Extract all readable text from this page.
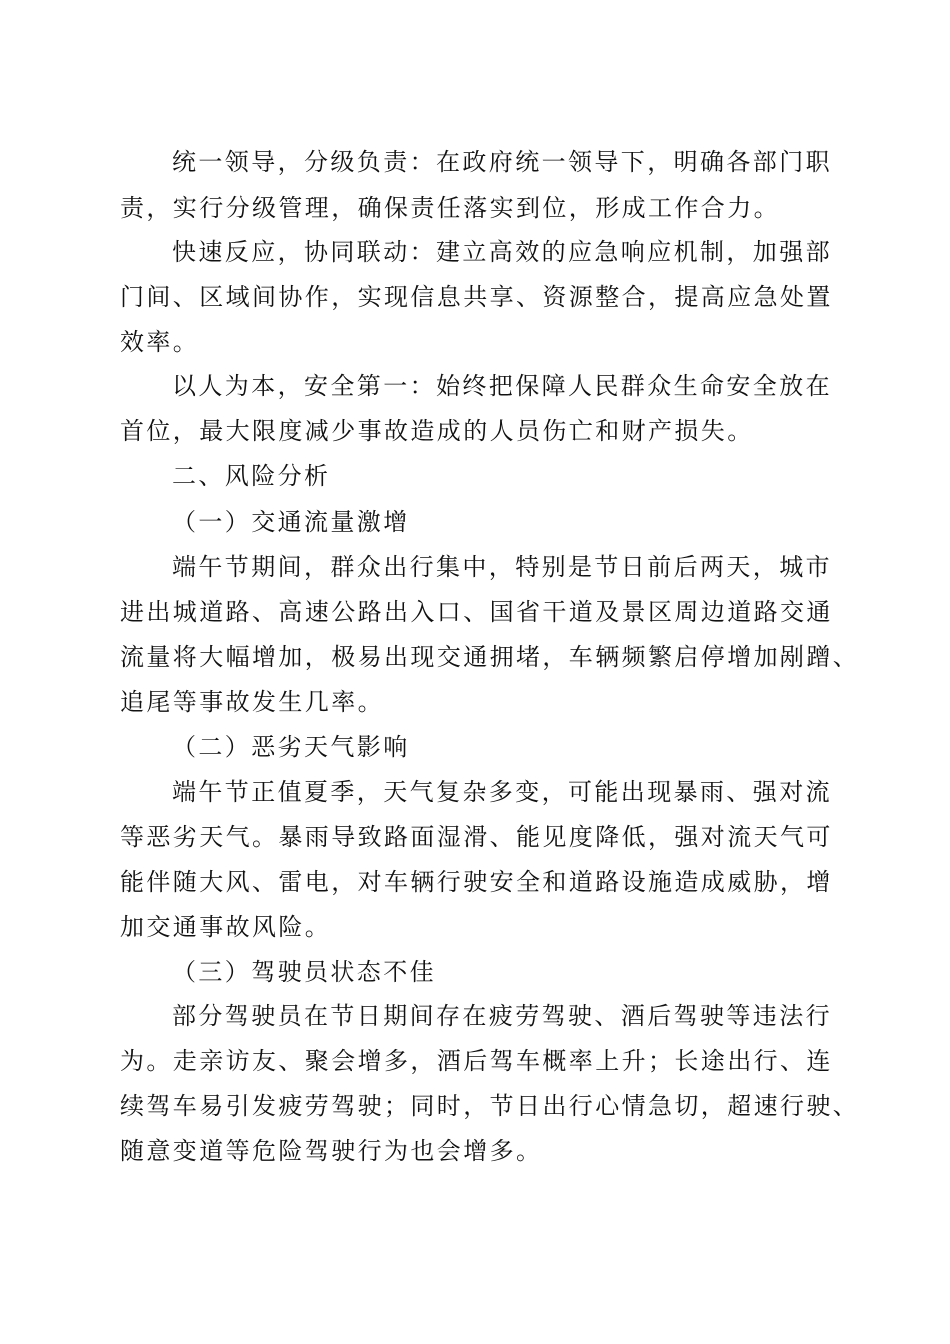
统一领导，分级负责：在政府统一领导下，明确各部门职
责，实行分级管理，确保责任落实到位，形成工作合力。
快速反应，协同联动：建立高效的应急响应机制，加强部
门间、区域间协作，实现信息共享、资源整合，提高应急处置
效率。
以人为本，安全第一：始终把保障人民群众生命安全放在
首位，最大限度减少事故造成的人员伤亡和财产损失。
二、风险分析
（一）交通流量激增
端午节期间，群众出行集中，特别是节日前后两天，城市
进出城道路、高速公路出入口、国省干道及景区周边道路交通
流量将大幅增加，极易出现交通拥堵，车辆频繁启停增加剐蹭、
追尾等事故发生几率。
（二）恶劣天气影响
端午节正值夏季，天气复杂多变，可能出现暴雨、强对流
等恶劣天气。暴雨导致路面湿滑、能见度降低，强对流天气可
能伴随大风、雷电，对车辆行驶安全和道路设施造成威胁，增
加交通事故风险。
（三）驾驶员状态不佳
部分驾驶员在节日期间存在疲劳驾驶、酒后驾驶等违法行
为。走亲访友、聚会增多，酒后驾车概率上升；长途出行、连
续驾车易引发疲劳驾驶；同时，节日出行心情急切，超速行驶、
随意变道等危险驾驶行为也会增多。
